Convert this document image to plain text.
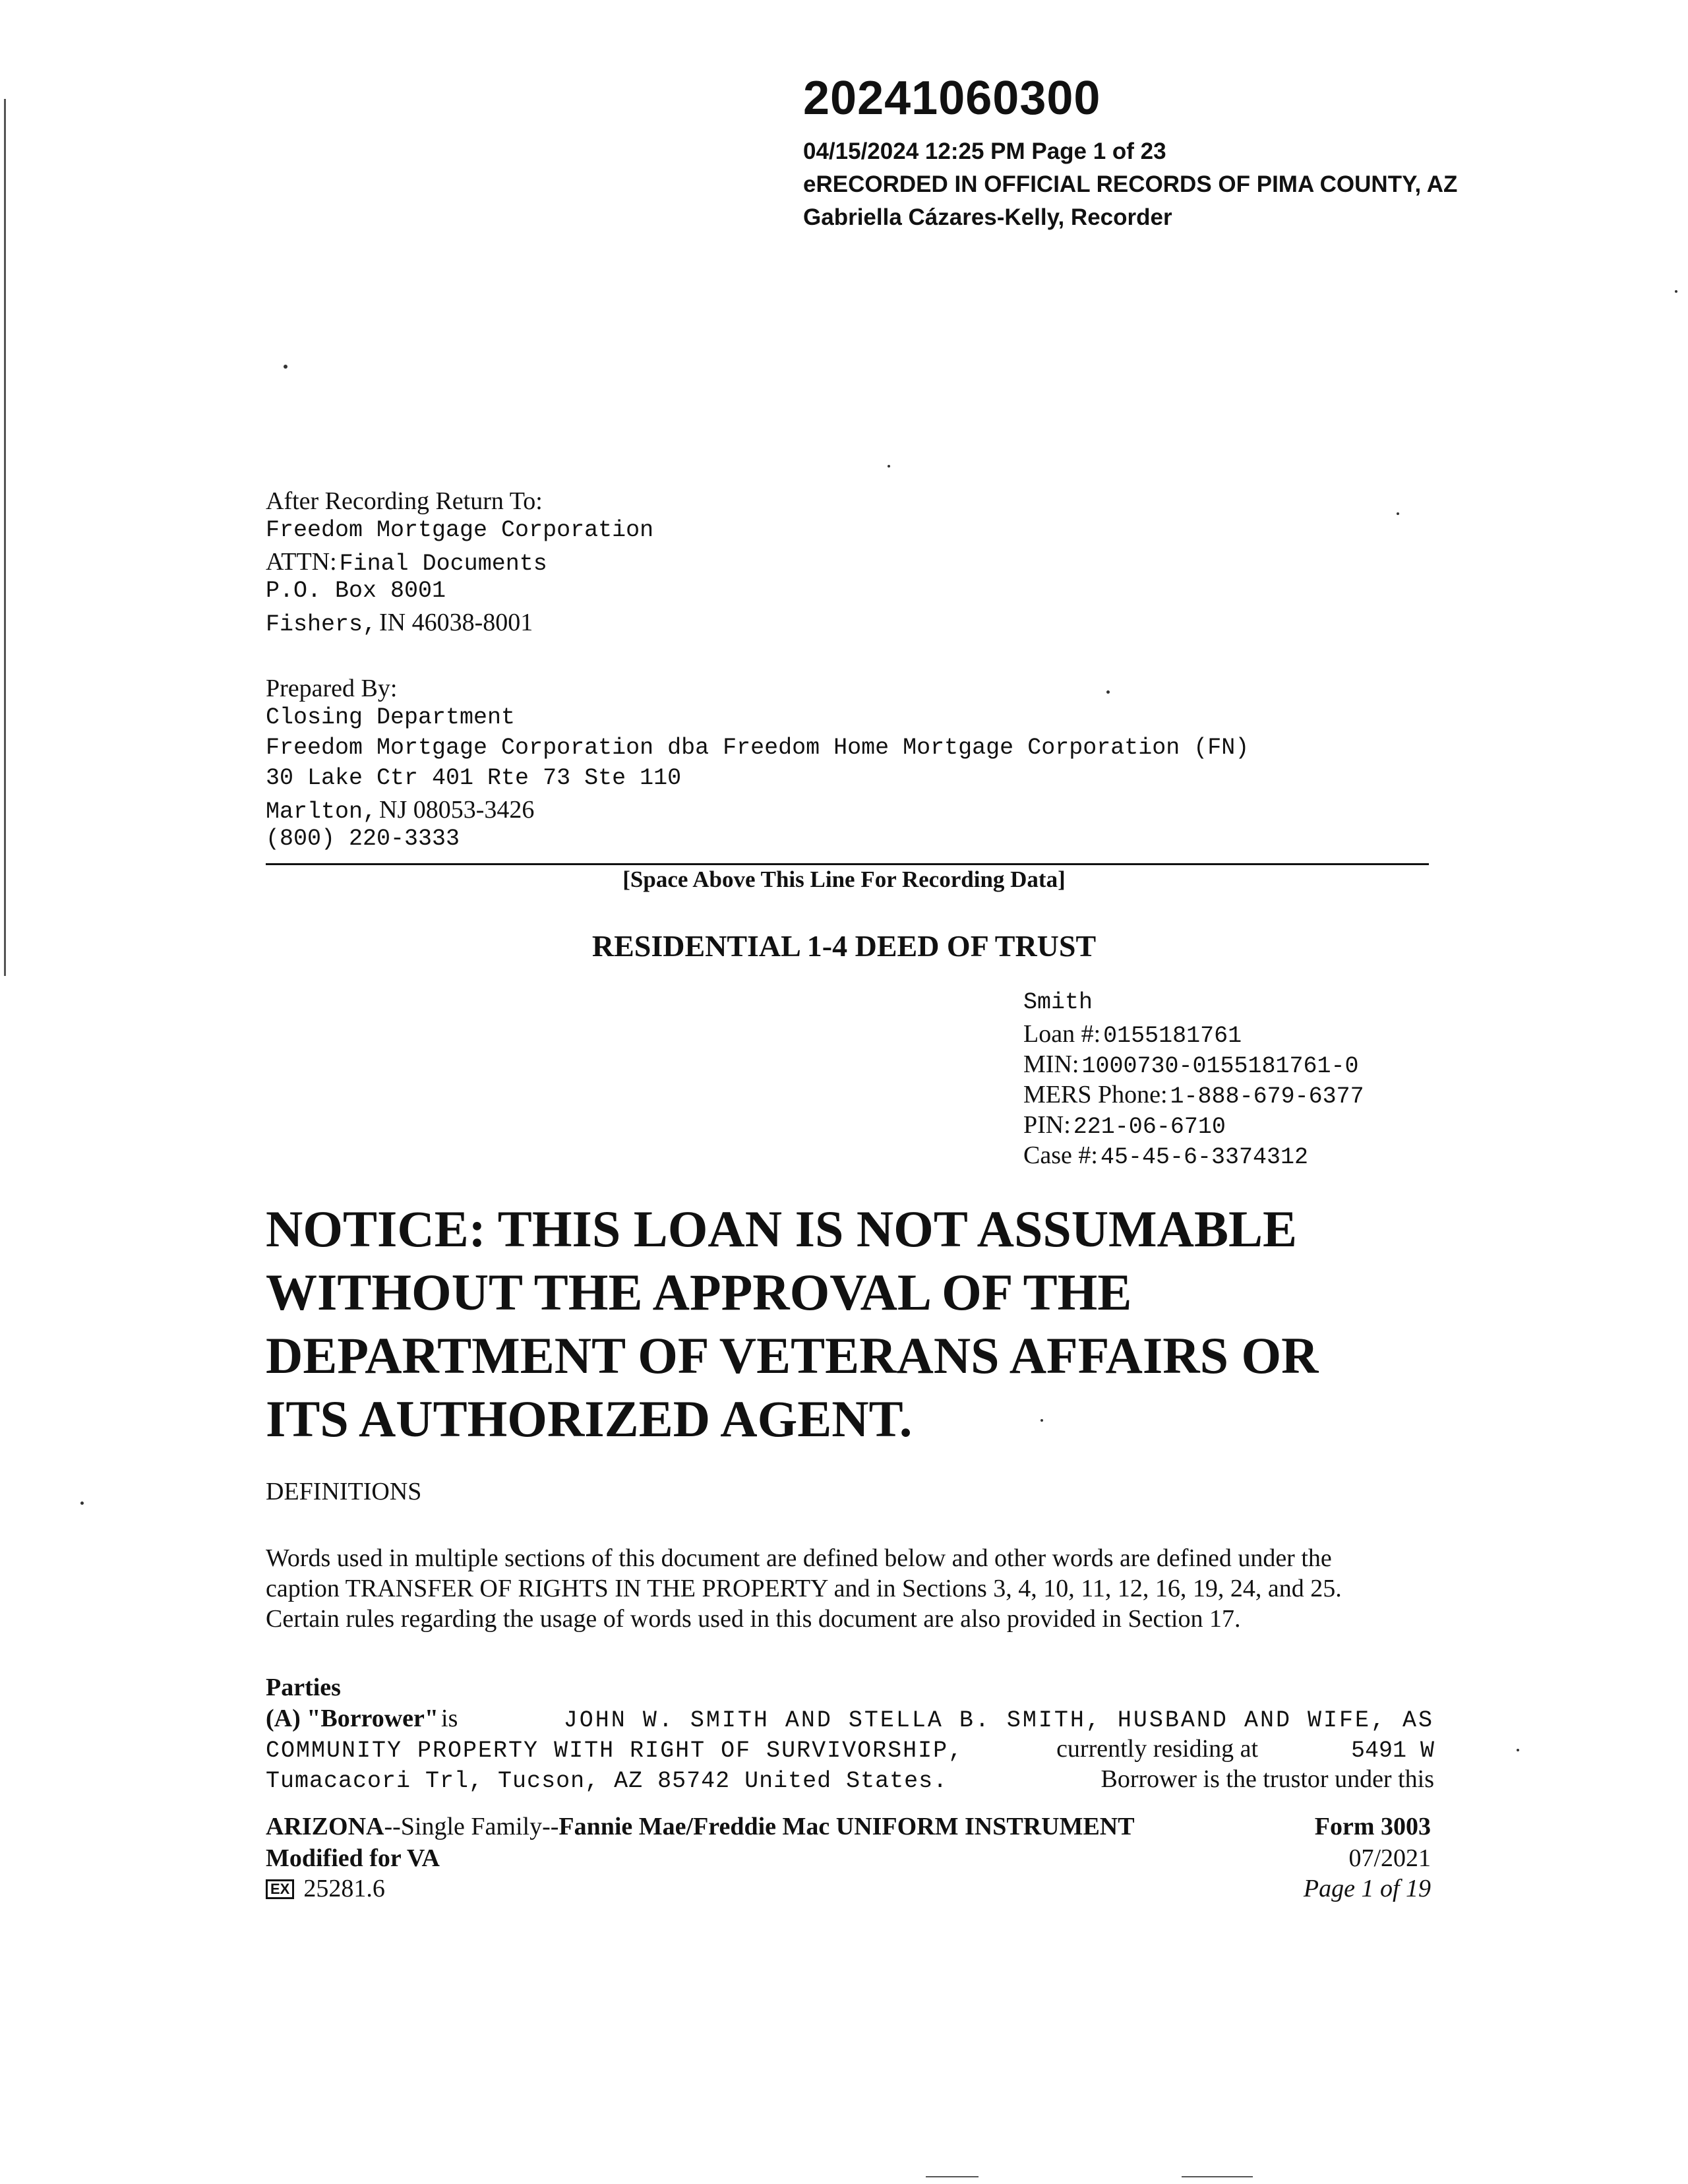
20241060300
04/15/2024 12:25 PM Page 1 of 23
eRECORDED IN OFFICIAL RECORDS OF PIMA COUNTY, AZ
Gabriella Cázares-Kelly, Recorder
After Recording Return To:
Freedom Mortgage Corporation
ATTN: Final Documents
P.O. Box 8001
Fishers, IN 46038-8001
Prepared By:
Closing Department
Freedom Mortgage Corporation dba Freedom Home Mortgage Corporation (FN)
30 Lake Ctr 401 Rte 73 Ste 110
Marlton, NJ 08053-3426
(800) 220-3333
[Space Above This Line For Recording Data]
RESIDENTIAL 1-4 DEED OF TRUST
Smith
Loan #: 0155181761
MIN: 1000730-0155181761-0
MERS Phone: 1-888-679-6377
PIN: 221-06-6710
Case #: 45-45-6-3374312
NOTICE: THIS LOAN IS NOT ASSUMABLE
WITHOUT THE APPROVAL OF THE
DEPARTMENT OF VETERANS AFFAIRS OR
ITS AUTHORIZED AGENT.
DEFINITIONS
Words used in multiple sections of this document are defined below and other words are defined under the
caption TRANSFER OF RIGHTS IN THE PROPERTY and in Sections 3, 4, 10, 11, 12, 16, 19, 24, and 25.
Certain rules regarding the usage of words used in this document are also provided in Section 17.
Parties
(A) "Borrower" is	JOHN W. SMITH AND STELLA B. SMITH, HUSBAND AND WIFE, AS
COMMUNITY PROPERTY WITH RIGHT OF SURVIVORSHIP,	currently residing at	5491 W
Tumacacori Trl, Tucson, AZ 85742 United States.	Borrower is the trustor under this
ARIZONA--Single Family--Fannie Mae/Freddie Mac UNIFORM INSTRUMENT
Modified for VA
EX 25281.6
Form 3003
07/2021
Page 1 of 19
